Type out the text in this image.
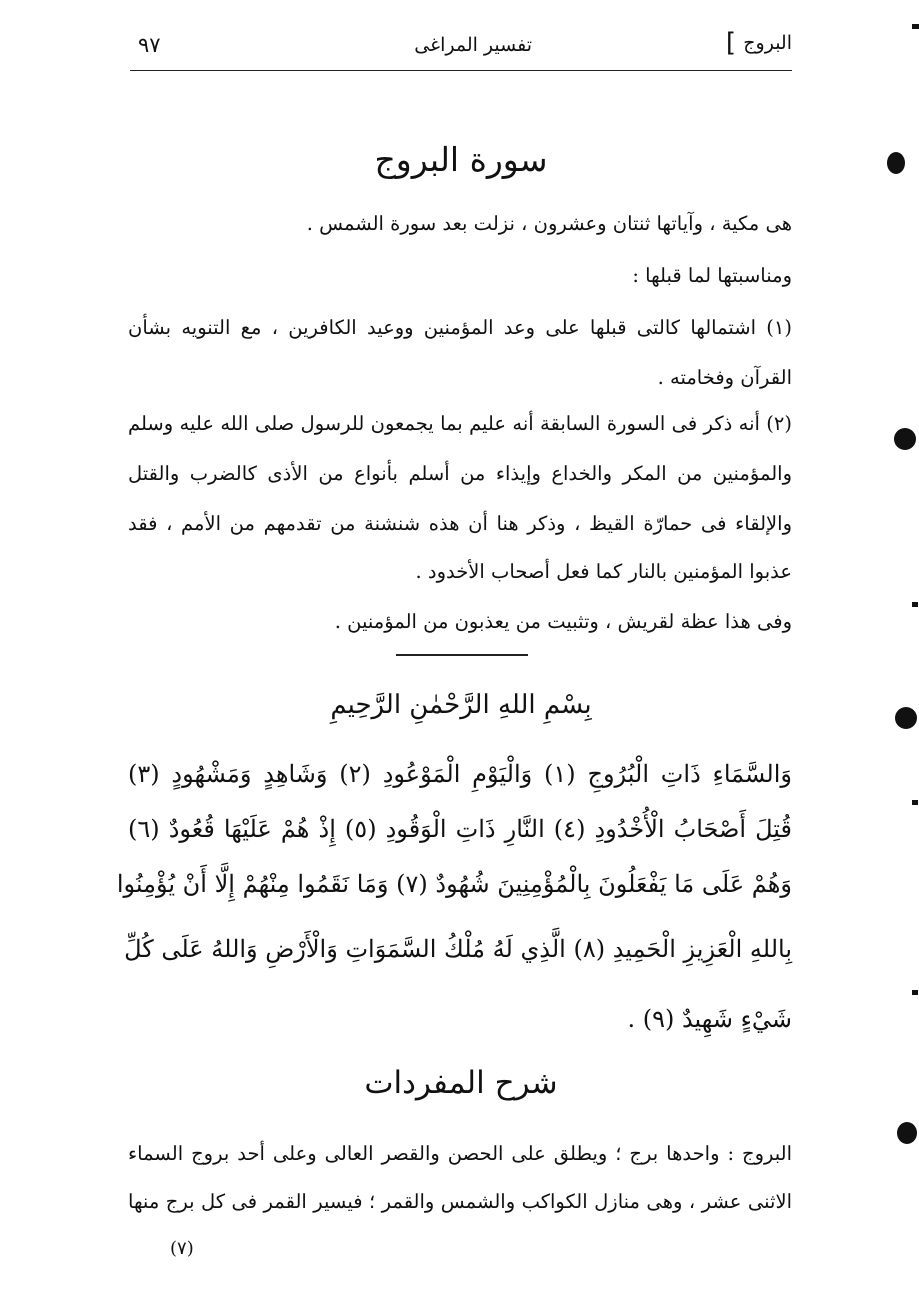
البروج
]
تفسير المراغى
٩٧
سورة البروج
هى مكية ، وآياتها ثنتان وعشرون ، نزلت بعد سورة الشمس .
ومناسبتها لما قبلها :
(١) اشتمالها كالتى قبلها على وعد المؤمنين ووعيد الكافرين ، مع التنويه بشأن
القرآن وفخامته .
(٢) أنه ذكر فى السورة السابقة أنه عليم بما يجمعون للرسول صلى الله عليه وسلم
والمؤمنين من المكر والخداع وإيذاء من أسلم بأنواع من الأذى كالضرب والقتل
والإلقاء فى حمارّة القيظ ، وذكر هنا أن هذه شنشنة من تقدمهم من الأمم ، فقد
عذبوا المؤمنين بالنار كما فعل أصحاب الأخدود .
وفى هذا عظة لقريش ، وتثبيت من يعذبون من المؤمنين .
بِسْمِ اللهِ الرَّحْمٰنِ الرَّحِيمِ
وَالسَّمَاءِ ذَاتِ الْبُرُوجِ (١) وَالْيَوْمِ الْمَوْعُودِ (٢) وَشَاهِدٍ وَمَشْهُودٍ (٣)
قُتِلَ أَصْحَابُ الْأُخْدُودِ (٤) النَّارِ ذَاتِ الْوَقُودِ (٥) إِذْ هُمْ عَلَيْهَا قُعُودٌ (٦)
وَهُمْ عَلَى مَا يَفْعَلُونَ بِالْمُؤْمِنِينَ شُهُودٌ (٧) وَمَا نَقَمُوا مِنْهُمْ إِلَّا أَنْ يُؤْمِنُوا
بِاللهِ الْعَزِيزِ الْحَمِيدِ (٨) الَّذِي لَهُ مُلْكُ السَّمَوَاتِ وَالْأَرْضِ وَاللهُ عَلَى كُلِّ
شَيْءٍ شَهِيدٌ (٩) .
شرح المفردات
البروج : واحدها برج ؛ ويطلق على الحصن والقصر العالى وعلى أحد بروج السماء
الاثنى عشر ، وهى منازل الكواكب والشمس والقمر ؛ فيسير القمر فى كل برج منها
(٧)
